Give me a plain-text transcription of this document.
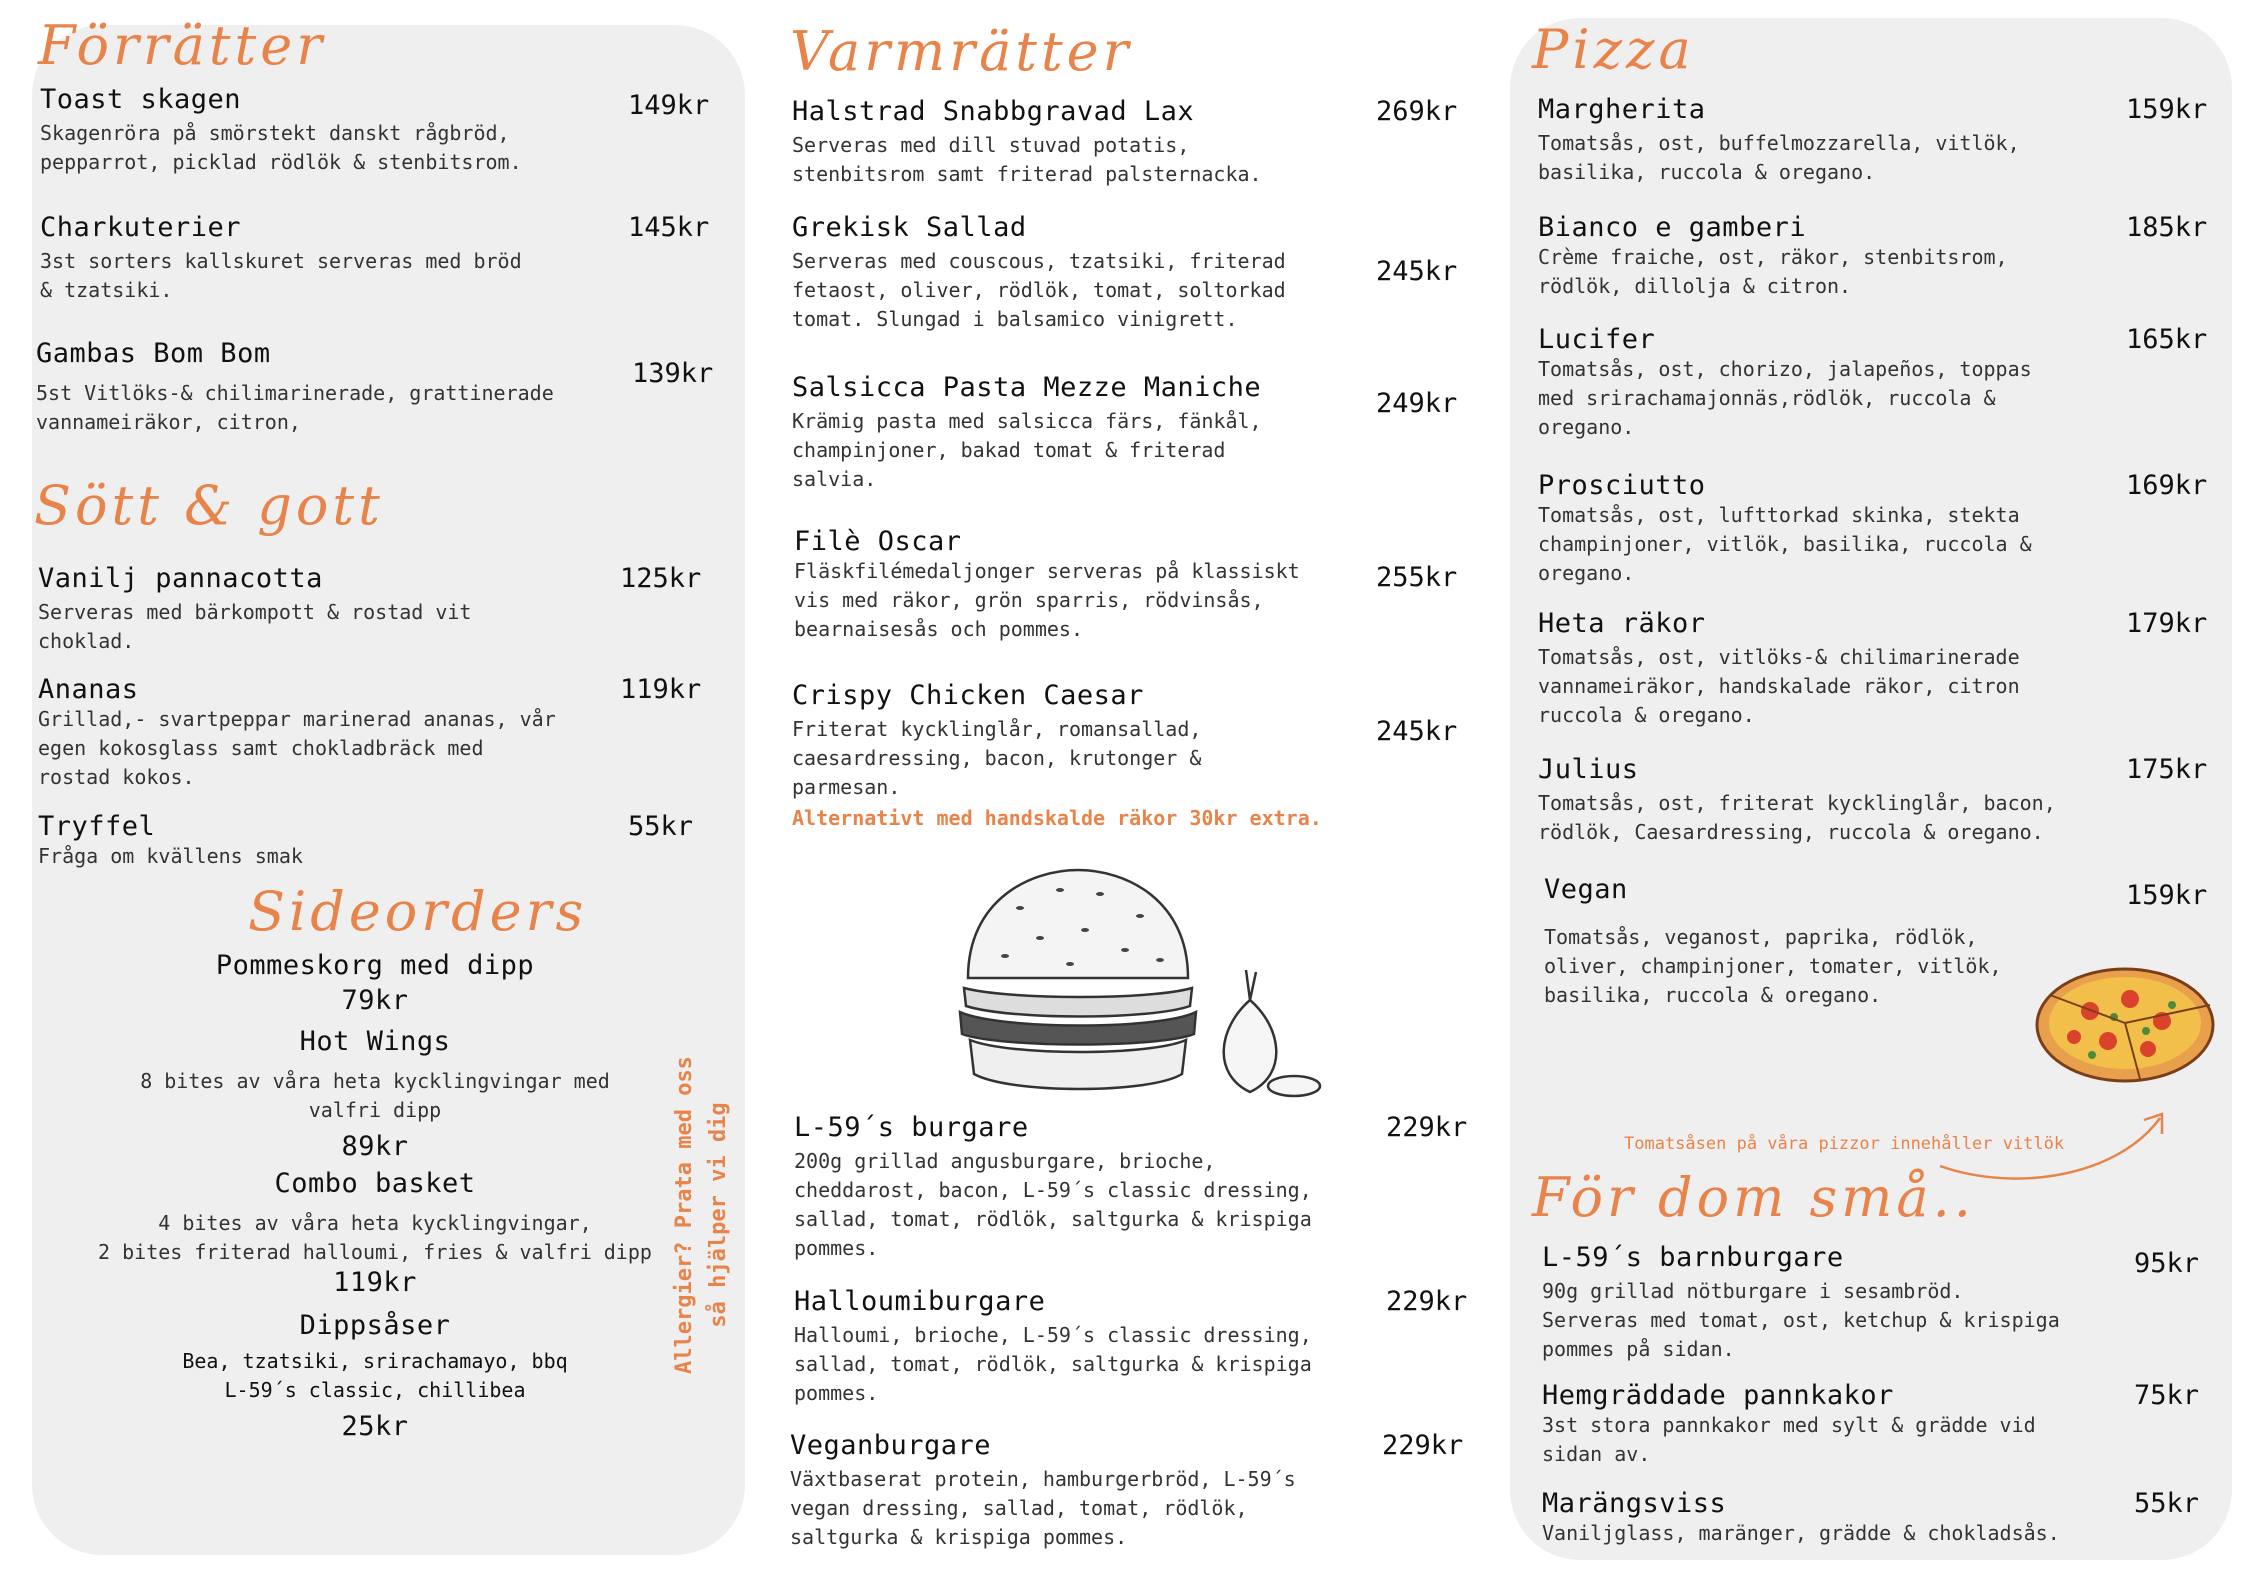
Förrätter
Toast skagen
Skagenröra på smörstekt danskt rågbröd,
pepparrot, picklad rödlök & stenbitsrom.
149kr
Charkuterier
3st sorters kallskuret serveras med bröd
& tzatsiki.
145kr
Gambas Bom Bom
5st Vitlöks-& chilimarinerade, grattinerade
vannameiräkor, citron,
139kr
Sött & gott
Vanilj pannacotta
Serveras med bärkompott & rostad vit
choklad.
125kr
Ananas
Grillad,- svartpeppar marinerad ananas, vår
egen kokosglass samt chokladbräck med
rostad kokos.
119kr
Tryffel
Fråga om kvällens smak
55kr
Sideorders
Pommeskorg med dipp
79kr
Hot Wings
8 bites av våra heta kycklingvingar med
valfri dipp
89kr
Combo basket
4 bites av våra heta kycklingvingar,
2 bites friterad halloumi, fries & valfri dipp
119kr
Dippsåser
Bea, tzatsiki, srirachamayo, bbq
L-59´s classic, chillibea
25kr
Allergier? Prata med oss
så hjälper vi dig
Varmrätter
Halstrad Snabbgravad Lax
Serveras med dill stuvad potatis,
stenbitsrom samt friterad palsternacka.
269kr
Grekisk Sallad
Serveras med couscous, tzatsiki, friterad
fetaost, oliver, rödlök, tomat, soltorkad
tomat. Slungad i balsamico vinigrett.
245kr
Salsicca Pasta Mezze Maniche
Krämig pasta med salsicca färs, fänkål,
champinjoner, bakad tomat & friterad
salvia.
249kr
Filè Oscar
Fläskfilémedaljonger serveras på klassiskt
vis med räkor, grön sparris, rödvinsås,
bearnaisesås och pommes.
255kr
Crispy Chicken Caesar
Friterat kycklinglår, romansallad,
caesardressing, bacon, krutonger &
parmesan.
Alternativt med handskalde räkor 30kr extra.
245kr
L-59´s burgare
200g grillad angusburgare, brioche,
cheddarost, bacon, L-59´s classic dressing,
sallad, tomat, rödlök, saltgurka & krispiga
pommes.
229kr
Halloumiburgare
Halloumi, brioche, L-59´s classic dressing,
sallad, tomat, rödlök, saltgurka & krispiga
pommes.
229kr
Veganburgare
Växtbaserat protein, hamburgerbröd, L-59´s
vegan dressing, sallad, tomat, rödlök,
saltgurka & krispiga pommes.
229kr
Pizza
Margherita
Tomatsås, ost, buffelmozzarella, vitlök,
basilika, ruccola & oregano.
159kr
Bianco e gamberi
Crème fraiche, ost, räkor, stenbitsrom,
rödlök, dillolja & citron.
185kr
Lucifer
Tomatsås, ost, chorizo, jalapeños, toppas
med srirachamajonnäs,rödlök, ruccola &
oregano.
165kr
Prosciutto
Tomatsås, ost, lufttorkad skinka, stekta
champinjoner, vitlök, basilika, ruccola &
oregano.
169kr
Heta räkor
Tomatsås, ost, vitlöks-& chilimarinerade
vannameiräkor, handskalade räkor, citron
ruccola & oregano.
179kr
Julius
Tomatsås, ost, friterat kycklinglår, bacon,
rödlök, Caesardressing, ruccola & oregano.
175kr
Vegan
Tomatsås, veganost, paprika, rödlök,
oliver, champinjoner, tomater, vitlök,
basilika, ruccola & oregano.
159kr
Tomatsåsen på våra pizzor innehåller vitlök
För dom små..
L-59´s barnburgare
90g grillad nötburgare i sesambröd.
Serveras med tomat, ost, ketchup & krispiga
pommes på sidan.
95kr
Hemgräddade pannkakor
3st stora pannkakor med sylt & grädde vid
sidan av.
75kr
Marängsviss
Vaniljglass, maränger, grädde & chokladsås.
55kr
